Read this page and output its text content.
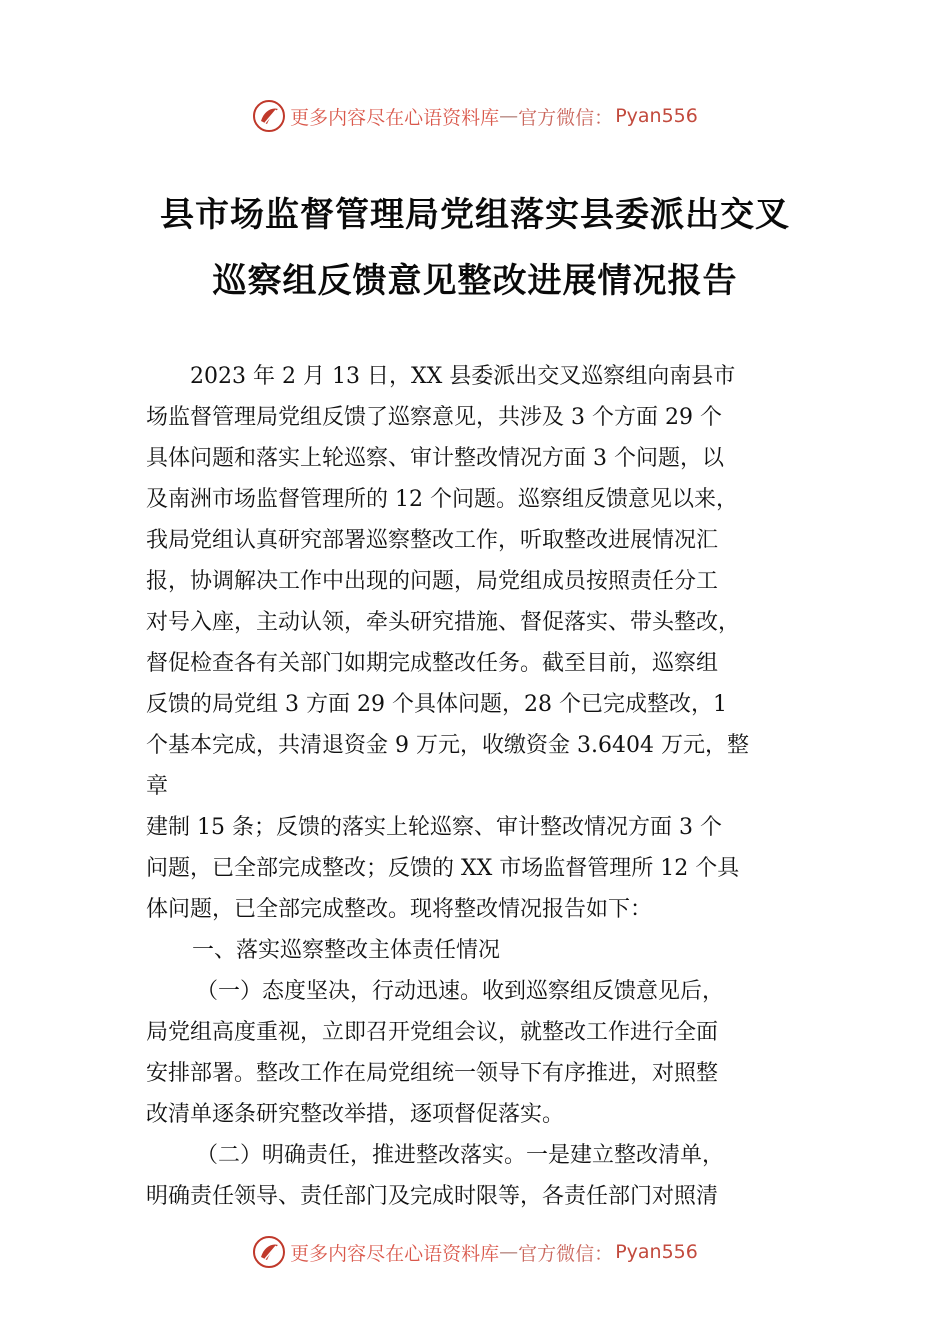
更多内容尽在心语资料库 — 官方微信： Pyan556
县市场监督管理局党组落实县委派出交叉
巡察组反馈意见整改进展情况报告
2023 年 2 月 13 日，XX 县委派出交叉巡察组向南县市
场监督管理局党组反馈了巡察意见，共涉及 3 个方面 29 个
具体问题和落实上轮巡察、审计整改情况方面 3 个问题，以
及南洲市场监督管理所的 12 个问题。巡察组反馈意见以来，
我局党组认真研究部署巡察整改工作，听取整改进展情况汇
报，协调解决工作中出现的问题，局党组成员按照责任分工
对号入座，主动认领，牵头研究措施、督促落实、带头整改，
督促检查各有关部门如期完成整改任务。截至目前，巡察组
反馈的局党组 3 方面 29 个具体问题，28 个已完成整改，1
个基本完成，共清退资金 9 万元，收缴资金 3.6404 万元，整
章
建制 15 条；反馈的落实上轮巡察、审计整改情况方面 3 个
问题，已全部完成整改；反馈的 XX 市场监督管理所 12 个具
体问题，已全部完成整改。现将整改情况报告如下：
一、落实巡察整改主体责任情况
（一）态度坚决，行动迅速。收到巡察组反馈意见后，
局党组高度重视，立即召开党组会议，就整改工作进行全面
安排部署。整改工作在局党组统一领导下有序推进，对照整
改清单逐条研究整改举措，逐项督促落实。
（二）明确责任，推进整改落实。一是建立整改清单，
明确责任领导、责任部门及完成时限等，各责任部门对照清
更多内容尽在心语资料库 — 官方微信： Pyan556
